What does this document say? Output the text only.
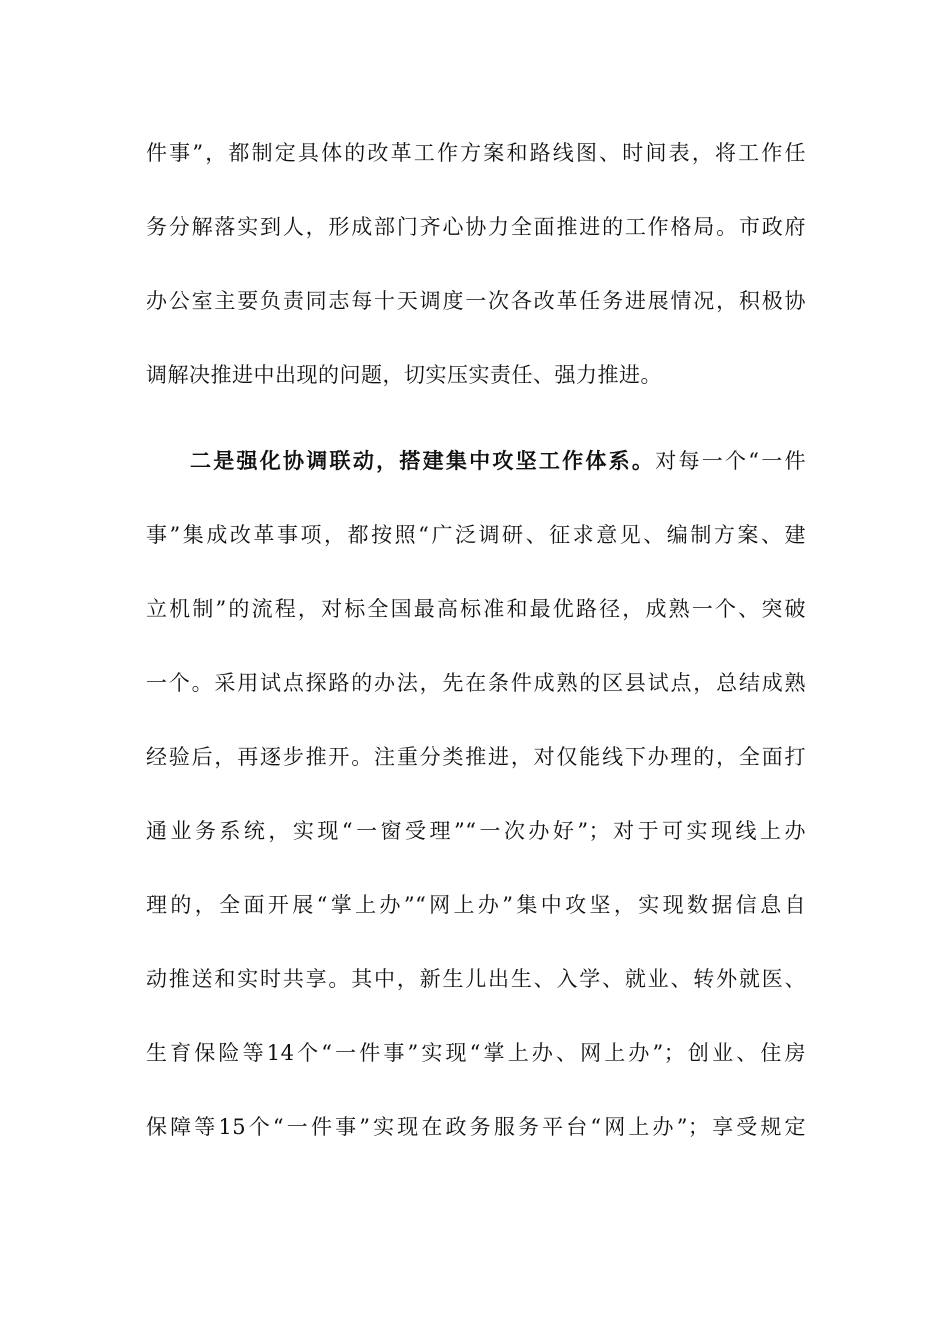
件事”，都制定具体的改革工作方案和路线图、时间表，将工作任
务分解落实到人，形成部门齐心协力全面推进的工作格局。市政府
办公室主要负责同志每十天调度一次各改革任务进展情况，积极协
调解决推进中出现的问题，切实压实责任、强力推进。
二是强化协调联动，搭建集中攻坚工作体系。对每一个“一件
事”集成改革事项，都按照“广泛调研、征求意见、编制方案、建
立机制”的流程，对标全国最高标准和最优路径，成熟一个、突破
一个。采用试点探路的办法，先在条件成熟的区县试点，总结成熟
经验后，再逐步推开。注重分类推进，对仅能线下办理的，全面打
通业务系统，实现“一窗受理”“一次办好”；对于可实现线上办
理的，全面开展“掌上办”“网上办”集中攻坚，实现数据信息自
动推送和实时共享。其中，新生儿出生、入学、就业、转外就医、
生育保险等14个“一件事”实现“掌上办、网上办”；创业、住房
保障等15个“一件事”实现在政务服务平台“网上办”；享受规定
